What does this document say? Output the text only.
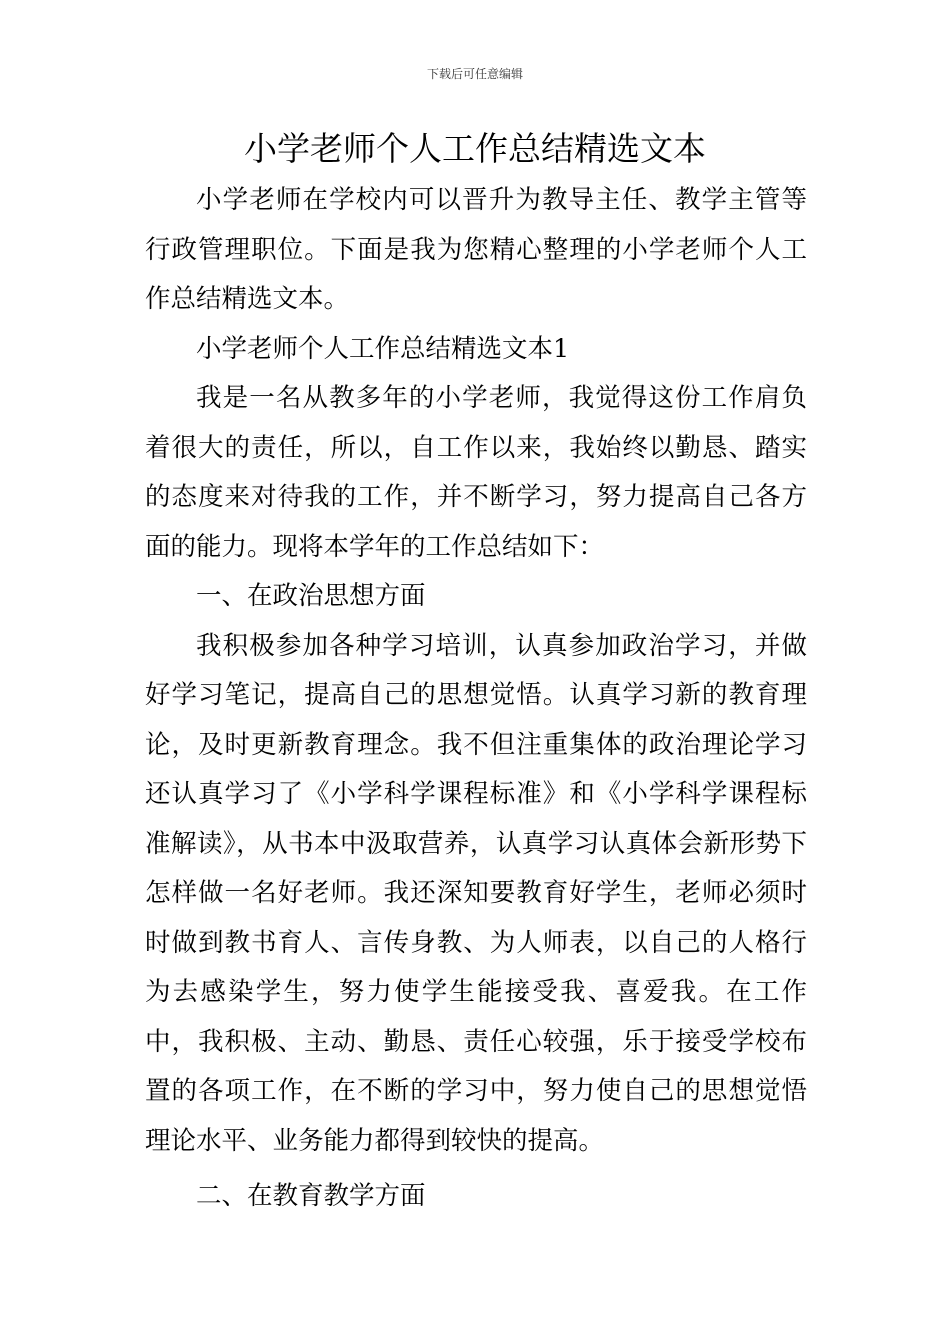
下载后可任意编辑
小学老师个人工作总结精选文本

小学老师在学校内可以晋升为教导主任、教学主管等行政管理职位。下面是我为您精心整理的小学老师个人工作总结精选文本。

小学老师个人工作总结精选文本1

我是一名从教多年的小学老师，我觉得这份工作肩负着很大的责任，所以，自工作以来，我始终以勤恳、踏实的态度来对待我的工作，并不断学习，努力提高自己各方面的能力。现将本学年的工作总结如下：

一、在政治思想方面

我积极参加各种学习培训，认真参加政治学习，并做好学习笔记，提高自己的思想觉悟。认真学习新的教育理论，及时更新教育理念。我不但注重集体的政治理论学习还认真学习了《小学科学课程标准》和《小学科学课程标准解读》，从书本中汲取营养，认真学习认真体会新形势下怎样做一名好老师。我还深知要教育好学生，老师必须时时做到教书育人、言传身教、为人师表，以自己的人格行为去感染学生，努力使学生能接受我、喜爱我。在工作中，我积极、主动、勤恳、责任心较强，乐于接受学校布置的各项工作，在不断的学习中，努力使自己的思想觉悟理论水平、业务能力都得到较快的提高。

二、在教育教学方面
